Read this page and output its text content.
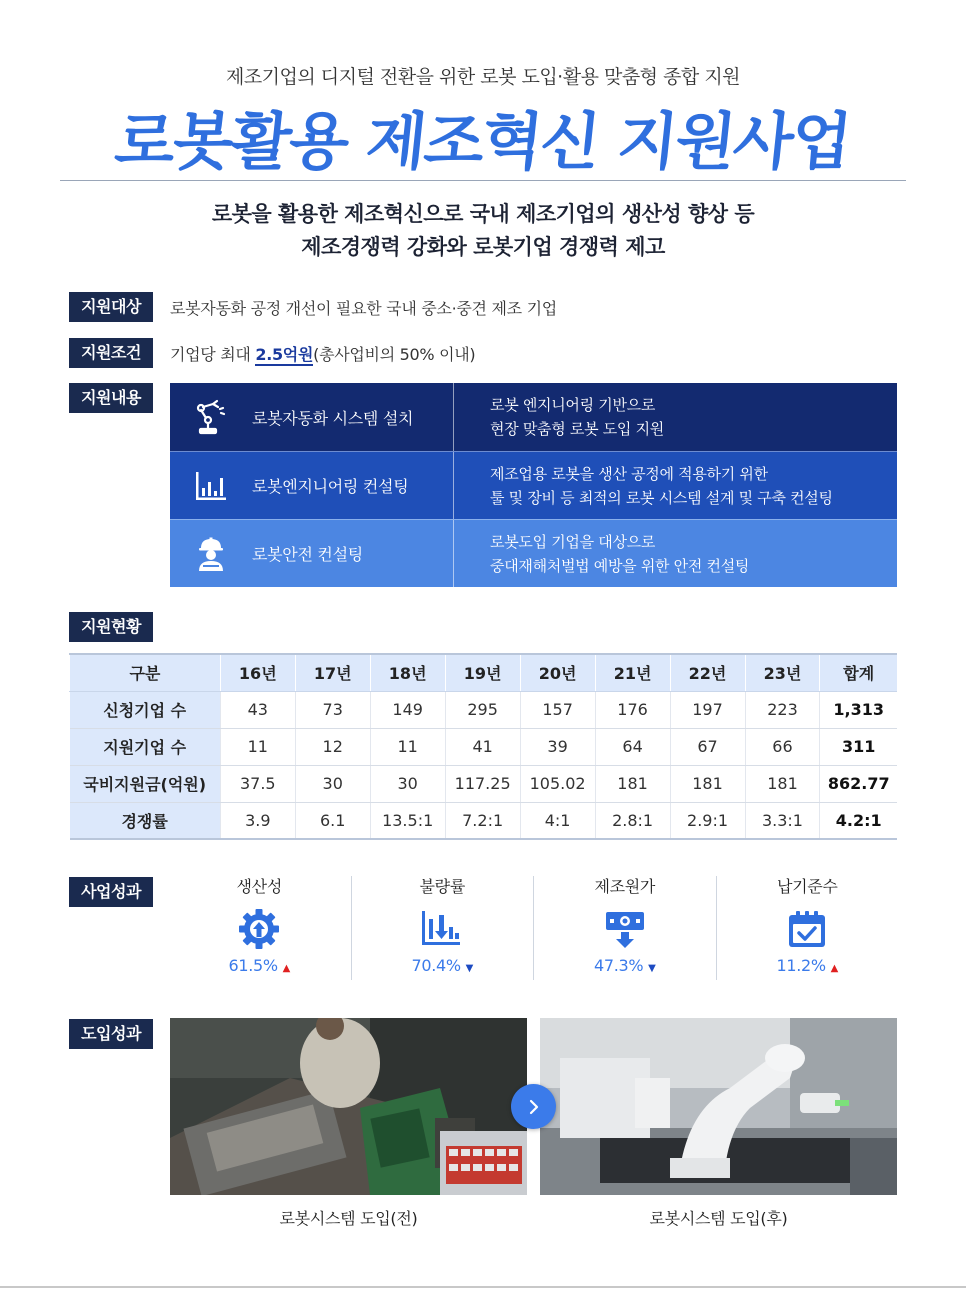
제조기업의 디지털 전환을 위한 로봇 도입·활용 맞춤형 종합 지원
로봇활용 제조혁신 지원사업
로봇을 활용한 제조혁신으로 국내 제조기업의 생산성 향상 등
제조경쟁력 강화와 로봇기업 경쟁력 제고
지원대상	로봇자동화 공정 개선이 필요한 국내 중소·중견 제조 기업
지원조건	기업당 최대 2.5억원(총사업비의 50% 이내)
지원내용
로봇자동화 시스템 설치
로봇 엔지니어링 기반으로
현장 맞춤형 로봇 도입 지원
로봇엔지니어링 컨설팅
제조업용 로봇을 생산 공정에 적용하기 위한
툴 및 장비 등 최적의 로봇 시스템 설계 및 구축 컨설팅
로봇안전 컨설팅
로봇도입 기업을 대상으로
중대재해처벌법 예방을 위한 안전 컨설팅
지원현황
구분	16년	17년	18년	19년	20년	21년	22년	23년	합계
신청기업 수	43	73	149	295	157	176	197	223	1,313
지원기업 수	11	12	11	41	39	64	67	66	311
국비지원금(억원)	37.5	30	30	117.25	105.02	181	181	181	862.77
경쟁률	3.9	6.1	13.5:1	7.2:1	4:1	2.8:1	2.9:1	3.3:1	4.2:1
사업성과	생산성
61.5% ▲
불량률
70.4% ▼
제조원가
47.3% ▼
납기준수
11.2% ▲
도입성과
로봇시스템 도입(전)	로봇시스템 도입(후)
